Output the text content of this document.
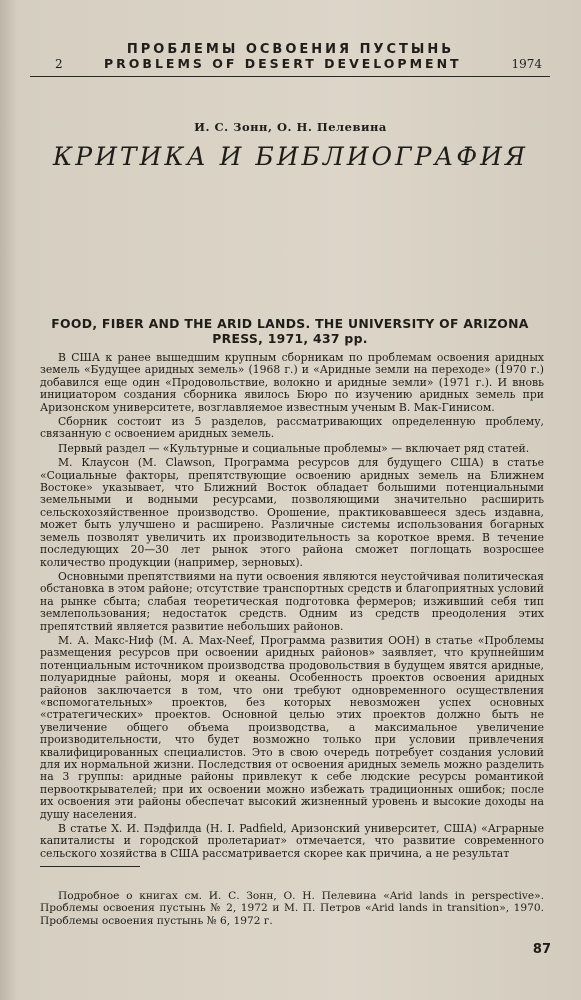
ПРОБЛЕМЫ ОСВОЕНИЯ ПУСТЫНЬ
2	PROBLEMS OF DESERT DEVELOPMENT	1974
И. С. Зонн, О. Н. Пелевина
КРИТИКА И БИБЛИОГРАФИЯ
FOOD, FIBER AND THE ARID LANDS. THE UNIVERSITY OF ARIZONA PRESS, 1971, 437 pp.

В США к ранее вышедшим крупным сборникам по проблемам освоения аридных земель «Будущее аридных земель» (1968 г.) и «Аридные земли на переходе» (1970 г.) добавился еще один «Продовольствие, волокно и аридные земли» (1971 г.). И вновь инициатором создания сборника явилось Бюро по изучению аридных земель при Аризонском университете, возглавляемое известным ученым В. Мак-Гинисом.

Сборник состоит из 5 разделов, рассматривающих определенную проблему, связанную с освоением аридных земель.

Первый раздел — «Культурные и социальные проблемы» — включает ряд статей.

М. Клаусон (M. Clawson, Программа ресурсов для будущего США) в статье «Социальные факторы, препятствующие освоению аридных земель на Ближнем Востоке» указывает, что Ближний Восток обладает большими потенциальными земельными и водными ресурсами, позволяющими значительно расширить сельскохозяйственное производство. Орошение, практиковавшееся здесь издавна, может быть улучшено и расширено. Различные системы использования богарных земель позволят увеличить их производительность за короткое время. В течение последующих 20—30 лет рынок этого района сможет поглощать возросшее количество продукции (например, зерновых).

Основными препятствиями на пути освоения являются неустойчивая политическая обстановка в этом районе; отсутствие транспортных средств и благоприятных условий на рынке сбыта; слабая теоретическая подготовка фермеров; изживший себя тип землепользования; недостаток средств. Одним из средств преодоления этих препятствий является развитие небольших районов.

М. А. Макс-Ниф (M. A. Max-Neef, Программа развития ООН) в статье «Проблемы размещения ресурсов при освоении аридных районов» заявляет, что крупнейшим потенциальным источником производства продовольствия в будущем явятся аридные, полуаридные районы, моря и океаны. Особенность проектов освоения аридных районов заключается в том, что они требуют одновременного осуществления «вспомогательных» проектов, без которых невозможен успех основных «стратегических» проектов. Основной целью этих проектов должно быть не увеличение общего объема производства, а максимальное увеличение производительности, что будет возможно только при условии привлечения квалифицированных специалистов. Это в свою очередь потребует создания условий для их нормальной жизни. Последствия от освоения аридных земель можно разделить на 3 группы: аридные районы привлекут к себе людские ресурсы романтикой первооткрывателей; при их освоении можно избежать традиционных ошибок; после их освоения эти районы обеспечат высокий жизненный уровень и высокие доходы на душу населения.

В статье Х. И. Пэдфилда (H. I. Padfield, Аризонский университет, США) «Аграрные капиталисты и городской пролетариат» отмечается, что развитие современного сельского хозяйства в США рассматривается скорее как причина, а не результат

Подробное о книгах см. И. С. Зонн, О. Н. Пелевина «Arid lands in perspective». Проблемы освоения пустынь № 2, 1972 и М. П. Петров «Arid lands in transition», 1970. Проблемы освоения пустынь № 6, 1972 г.

87
